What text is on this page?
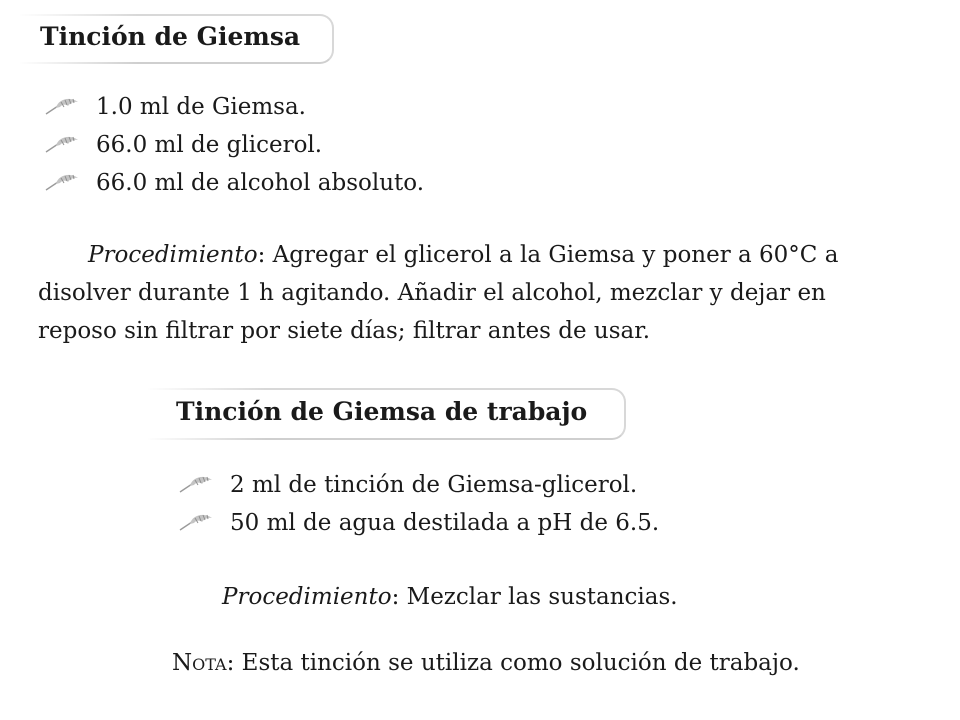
Tinción de Giemsa
1.0 ml de Giemsa.
66.0 ml de glicerol.
66.0 ml de alcohol absoluto.
Procedimiento: Agregar el glicerol a la Giemsa y poner a 60°C a
disolver durante 1 h agitando. Añadir el alcohol, mezclar y dejar en
reposo sin filtrar por siete días; filtrar antes de usar.
Tinción de Giemsa de trabajo
2 ml de tinción de Giemsa-glicerol.
50 ml de agua destilada a pH de 6.5.
Procedimiento: Mezclar las sustancias.
Nota: Esta tinción se utiliza como solución de trabajo.
